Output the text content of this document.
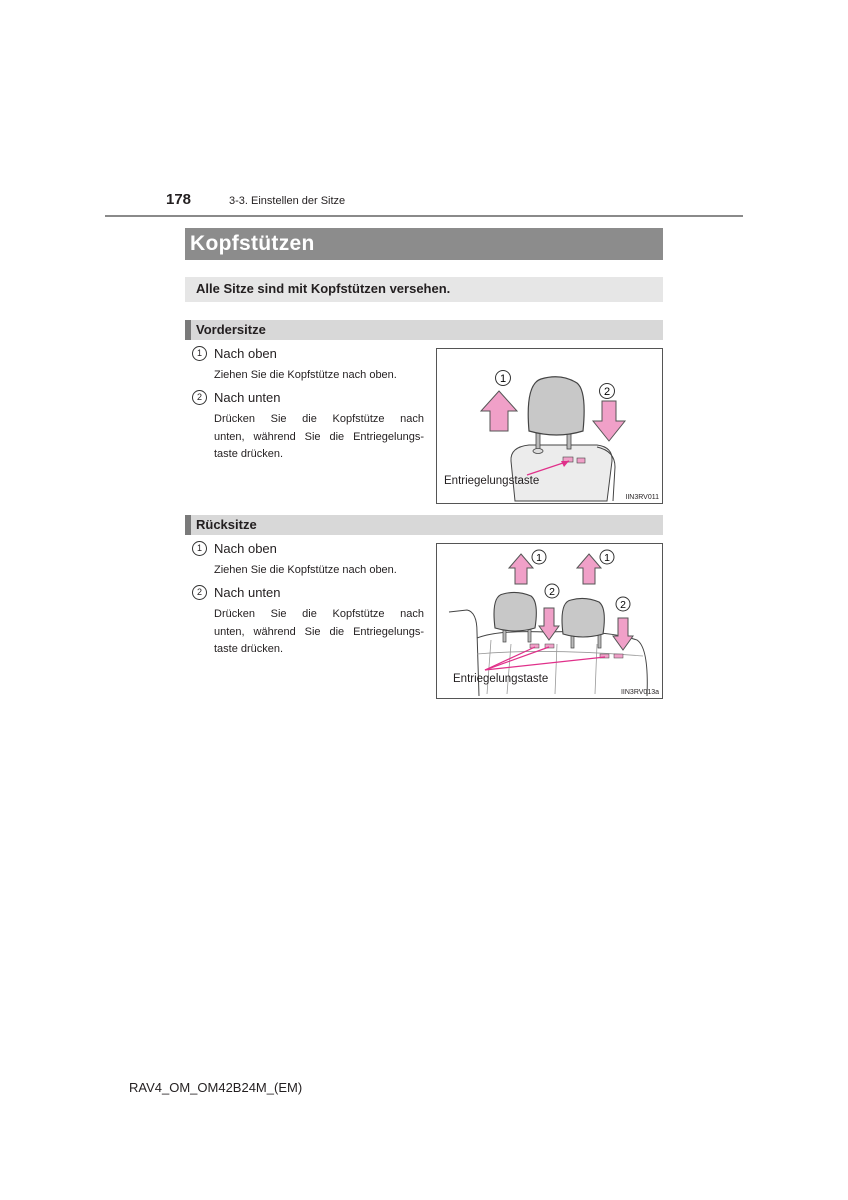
178	3-3. Einstellen der Sitze
Kopfstützen
Alle Sitze sind mit Kopfstützen versehen.
Vordersitze
1 Nach oben
Ziehen Sie die Kopfstütze nach oben.
2 Nach unten
Drücken Sie die Kopfstütze nach
unten, während Sie die Entriegelungs-
taste drücken.
1
2
Entriegelungstaste
IIN3RV011
Rücksitze
1 Nach oben
Ziehen Sie die Kopfstütze nach oben.
2 Nach unten
Drücken Sie die Kopfstütze nach
unten, während Sie die Entriegelungs-
taste drücken.
1	1
2
2
Entriegelungstaste
IIN3RV013a
RAV4_OM_OM42B24M_(EM)
